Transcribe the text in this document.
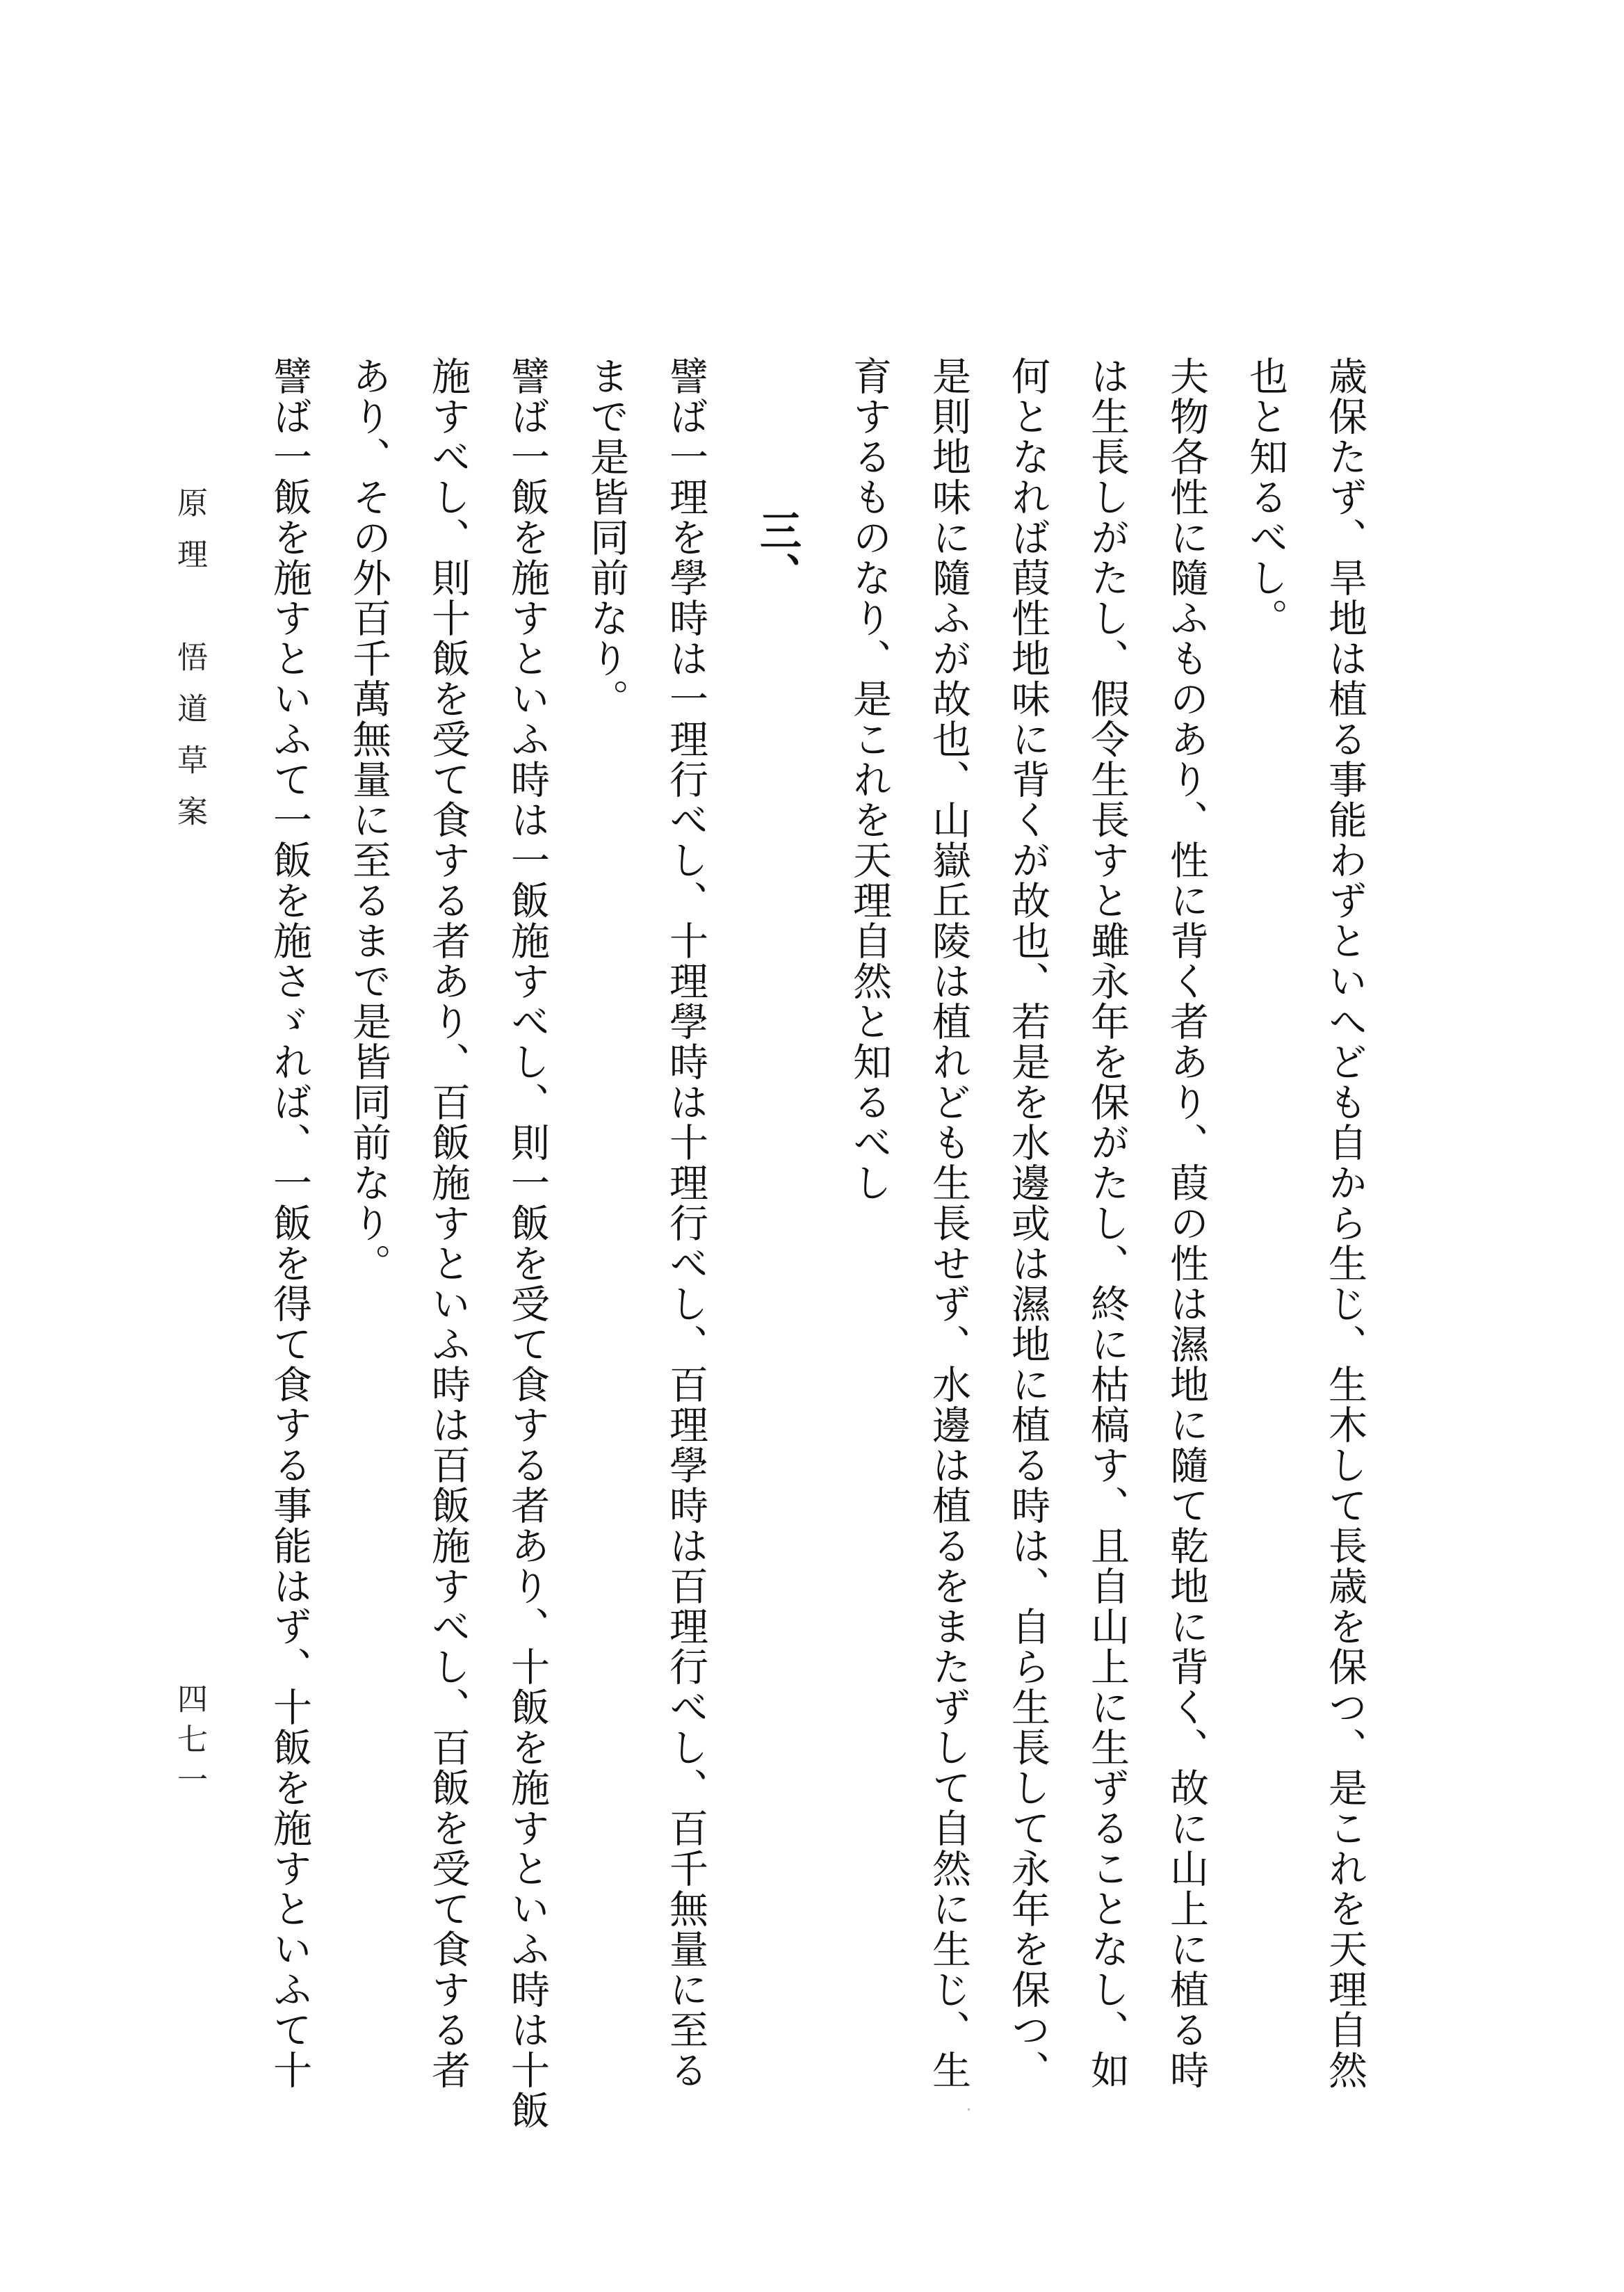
歳保たず、旱地は植る事能わずといへども自から生じ、生木して長歳を保つ、是これを天理自然
也と知るべし。
夫物各性に隨ふものあり、性に背く者あり、葭の性は濕地に隨て乾地に背く、故に山上に植る時
は生長しがたし、假令生長すと雖永年を保がたし、終に枯槁す、且自山上に生ずることなし、如
何となれば葭性地味に背くが故也、若是を水邊或は濕地に植る時は、自ら生長して永年を保つ、
是則地味に隨ふが故也、山嶽丘陵は植れども生長せず、水邊は植るをまたずして自然に生じ、生
育するものなり、是これを天理自然と知るべし
三、
譬ば一理を學時は一理行べし、十理學時は十理行べし、百理學時は百理行べし、百千無量に至る
まで是皆同前なり。
譬ば一飯を施すといふ時は一飯施すべし、則一飯を受て食する者あり、十飯を施すといふ時は十飯
施すべし、則十飯を受て食する者あり、百飯施すといふ時は百飯施すべし、百飯を受て食する者
あり、その外百千萬無量に至るまで是皆同前なり。
譬ば一飯を施すといふて一飯を施さゞれば、一飯を得て食する事能はず、十飯を施すといふて十
原理　悟道草案
四七一
